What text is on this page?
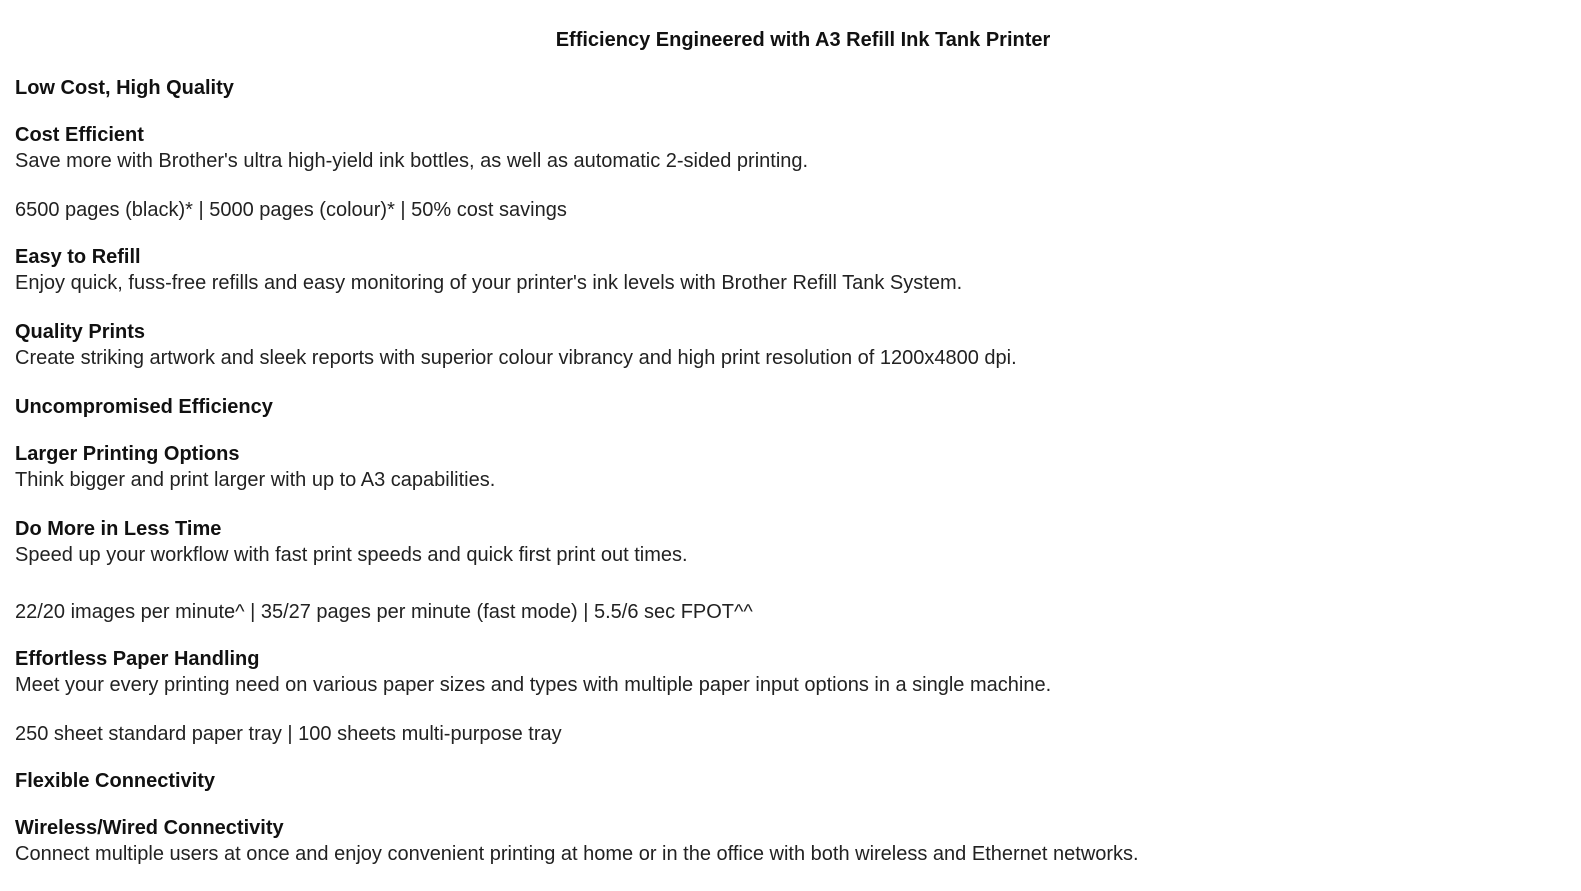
Efficiency Engineered with A3 Refill Ink Tank Printer
Low Cost, High Quality
Cost Efficient
Save more with Brother's ultra high-yield ink bottles, as well as automatic 2-sided printing.
6500 pages (black)* | 5000 pages (colour)* | 50% cost savings
Easy to Refill
Enjoy quick, fuss-free refills and easy monitoring of your printer's ink levels with Brother Refill Tank System.
Quality Prints
Create striking artwork and sleek reports with superior colour vibrancy and high print resolution of 1200x4800 dpi.
Uncompromised Efficiency
Larger Printing Options
Think bigger and print larger with up to A3 capabilities.
Do More in Less Time
Speed up your workflow with fast print speeds and quick first print out times.
22/20 images per minute^ | 35/27 pages per minute (fast mode) | 5.5/6 sec FPOT^^
Effortless Paper Handling
Meet your every printing need on various paper sizes and types with multiple paper input options in a single machine.
250 sheet standard paper tray | 100 sheets multi-purpose tray
Flexible Connectivity
Wireless/Wired Connectivity
Connect multiple users at once and enjoy convenient printing at home or in the office with both wireless and Ethernet networks.
